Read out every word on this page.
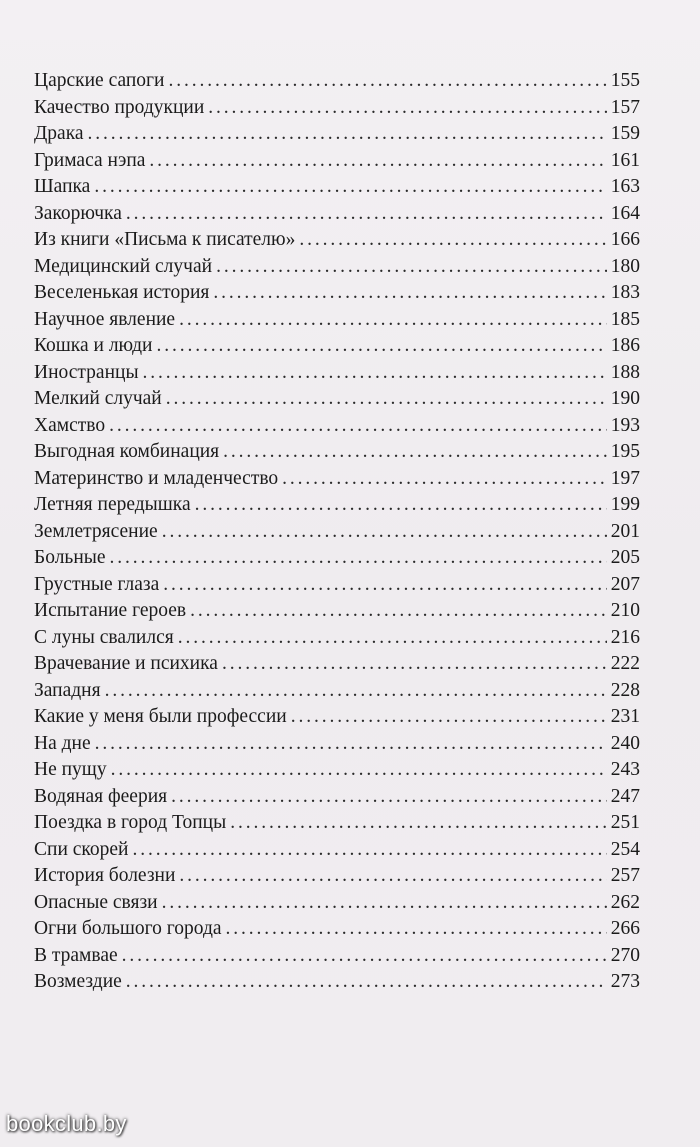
Царские сапоги . . .	155
Качество продукции . . .	157
Драка . . .	159
Гримаса нэпа . . .	161
Шапка . . .	163
Закорючка . . .	164
Из книги «Письма к писателю» . . .	166
Медицинский случай . . .	180
Веселенькая история . . .	183
Научное явление . . .	185
Кошка и люди . . .	186
Иностранцы . . .	188
Мелкий случай . . .	190
Хамство . . .	193
Выгодная комбинация . . .	195
Материнство и младенчество . . .	197
Летняя передышка . . .	199
Землетрясение . . .	201
Больные . . .	205
Грустные глаза . . .	207
Испытание героев . . .	210
С луны свалился . . .	216
Врачевание и психика . . .	222
Западня . . .	228
Какие у меня были профессии . . .	231
На дне . . .	240
Не пущу . . .	243
Водяная феерия . . .	247
Поездка в город Топцы . . .	251
Спи скорей . . .	254
История болезни . . .	257
Опасные связи . . .	262
Огни большого города . . .	266
В трамвае . . .	270
Возмездие . . .	273
bookclub.by
